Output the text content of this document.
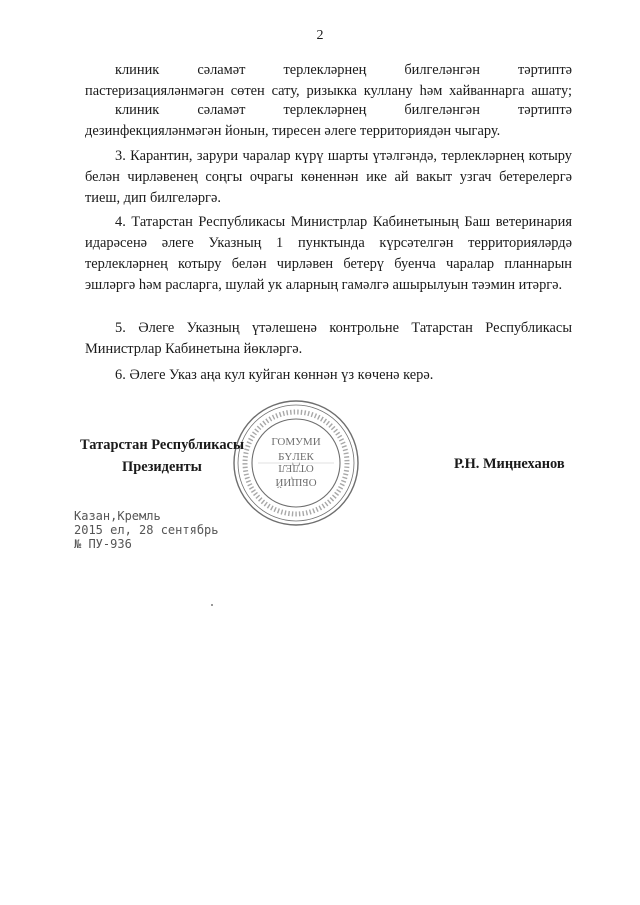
2

клиник сәламәт терлекләрнең билгеләнгән тәртиптә пастеризацияләнмәгән сөтен сату, ризыкка куллану һәм хайваннарга ашату;

клиник сәламәт терлекләрнең билгеләнгән тәртиптә дезинфекцияләнмәгән йонын, тиресен әлеге территориядән чыгару.

3. Карантин, зарури чаралар күрү шарты үтәлгәндә, терлекләрнең котыру белән чирләвенең соңгы очрагы көненнән ике ай вакыт узгач бетерелергә тиеш, дип билгеләргә.

4. Татарстан Республикасы Министрлар Кабинетының Баш ветеринария идарәсенә әлеге Указның 1 пунктында күрсәтелгән территорияләрдә терлекләрнең котыру белән чирләвен бетерү буенча чаралар планнарын эшләргә һәм расларга, шулай ук аларның гамәлгә ашырылуын тәэмин итәргә.

5. Әлеге Указның үтәлешенә контрольне Татарстан Республикасы Министрлар Кабинетына йөкләргә.

6. Әлеге Указ аңа кул куйган көннән үз көченә керә.

ГОМУМИ
БҮЛЕК
ОБЩИЙ
ОТДЕЛ
Татарстан Республикасы
Президенты	Р.Н. Миңнеханов
Казан,Кремль
2015 ел, 28 сентябрь
№ ПУ-936
